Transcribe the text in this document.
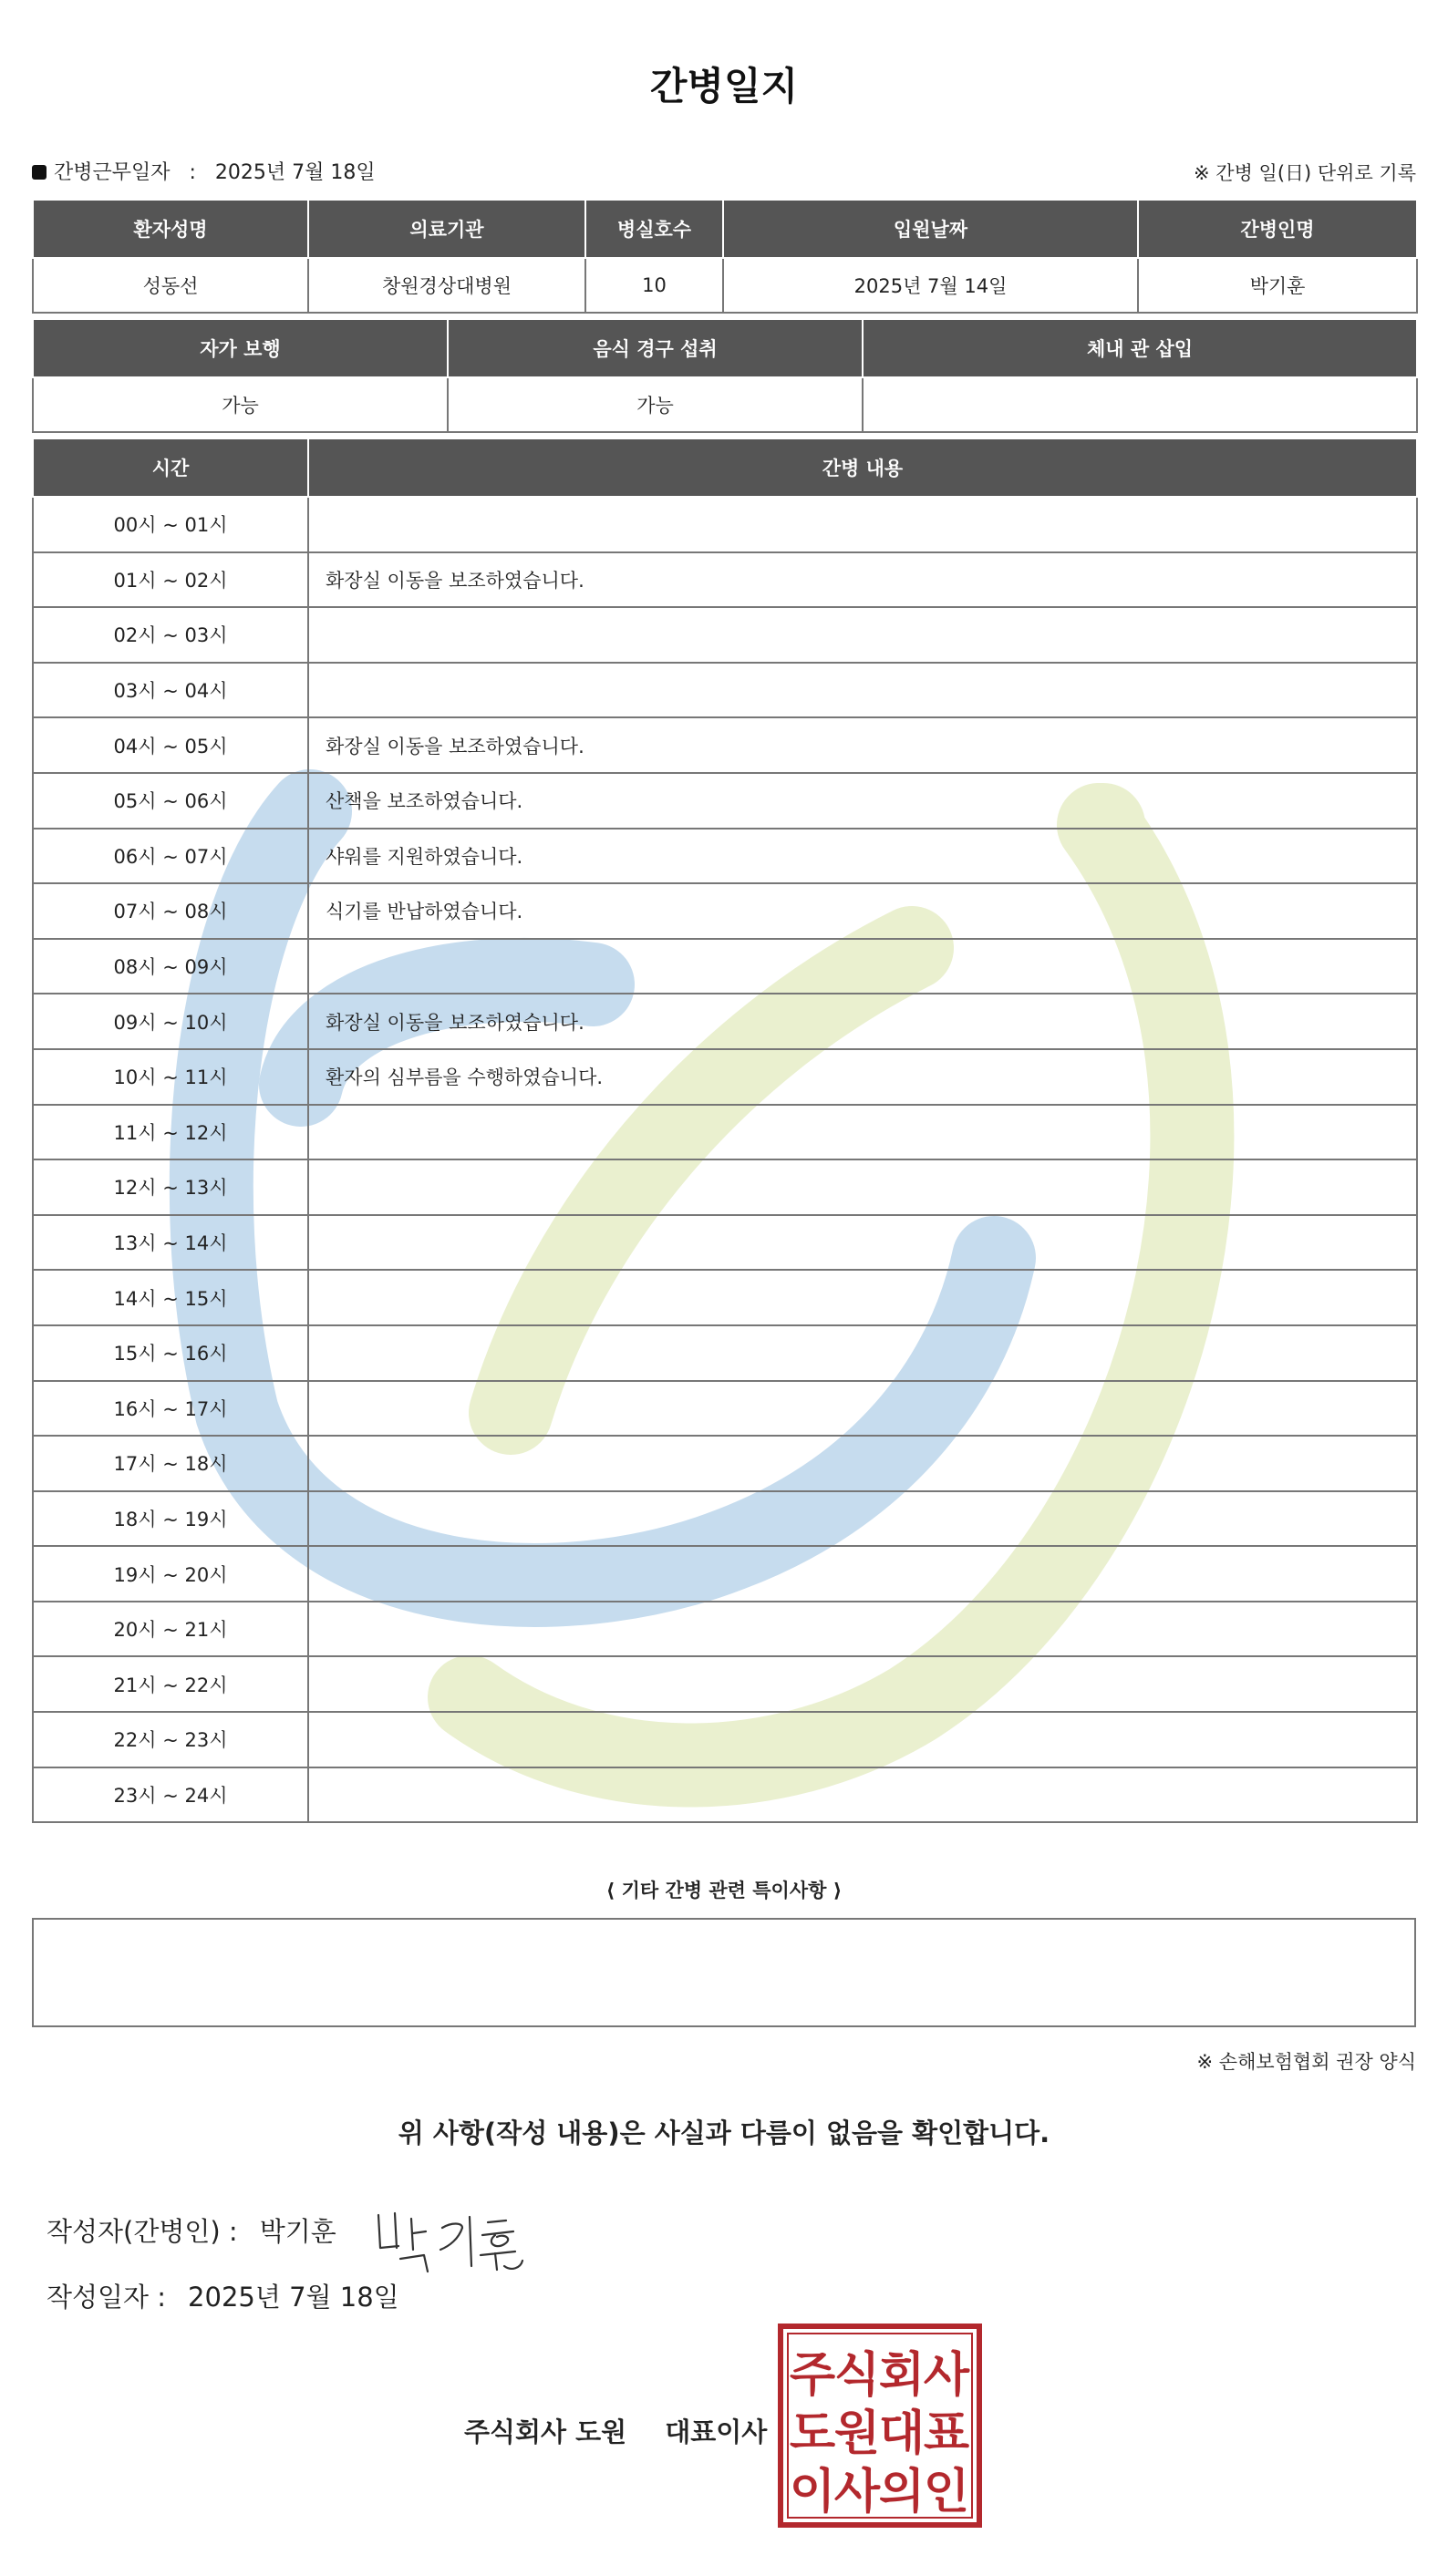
간병일지
간병근무일자 : 2025년 7월 18일	※ 간병 일(日) 단위로 기록
환자성명	의료기관	병실호수	입원날짜	간병인명
성동선	창원경상대병원	10	2025년 7월 14일	박기훈
자가 보행	음식 경구 섭취	체내 관 삽입
가능	가능	
시간	간병 내용
00시 ~ 01시	
01시 ~ 02시	화장실 이동을 보조하였습니다.
02시 ~ 03시	
03시 ~ 04시	
04시 ~ 05시	화장실 이동을 보조하였습니다.
05시 ~ 06시	산책을 보조하였습니다.
06시 ~ 07시	샤워를 지원하였습니다.
07시 ~ 08시	식기를 반납하였습니다.
08시 ~ 09시	
09시 ~ 10시	화장실 이동을 보조하였습니다.
10시 ~ 11시	환자의 심부름을 수행하였습니다.
11시 ~ 12시	
12시 ~ 13시	
13시 ~ 14시	
14시 ~ 15시	
15시 ~ 16시	
16시 ~ 17시	
17시 ~ 18시	
18시 ~ 19시	
19시 ~ 20시	
20시 ~ 21시	
21시 ~ 22시	
22시 ~ 23시	
23시 ~ 24시	
⟨ 기타 간병 관련 특이사항 ⟩
※ 손해보험협회 권장 양식
위 사항(작성 내용)은 사실과 다름이 없음을 확인합니다.
작성자(간병인) : 박기훈
작성일자 : 2025년 7월 18일
주식회사 도원 대표이사
주
식
회
사
도
원
대
표
이
사
의
인
